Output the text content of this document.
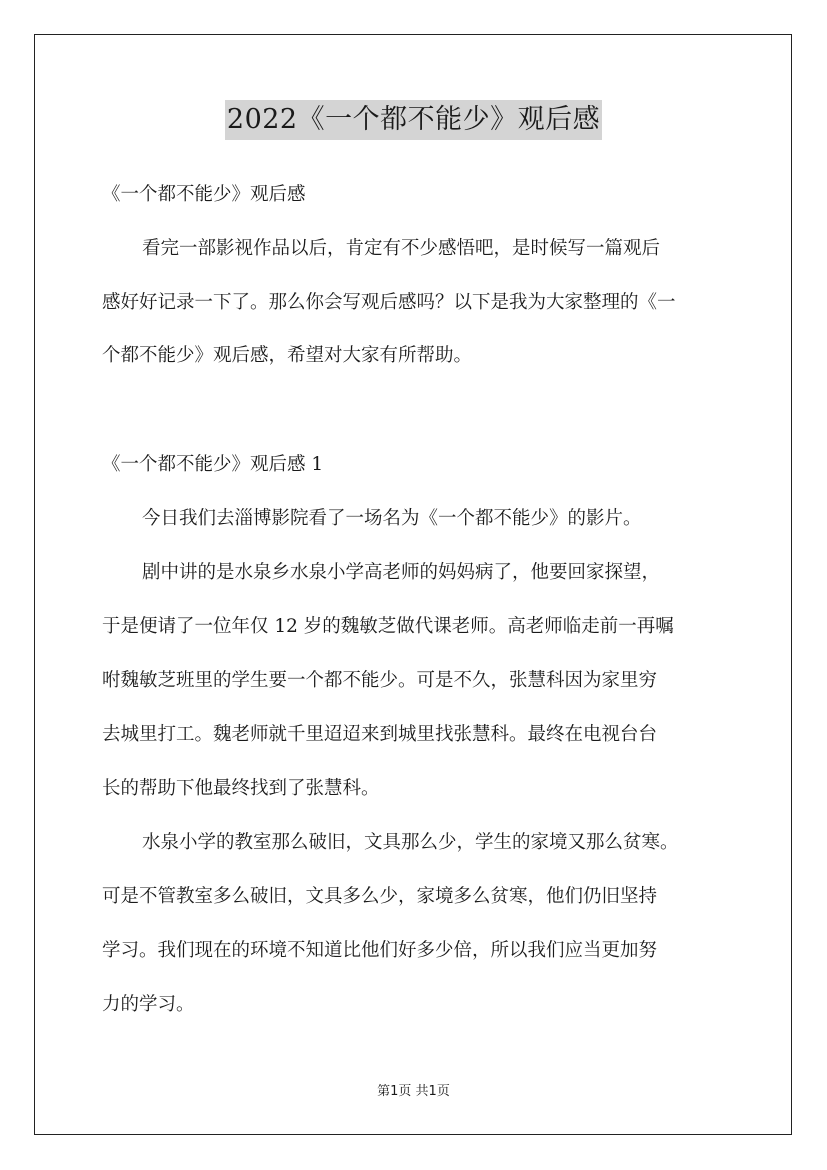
2022《一个都不能少》观后感
《一个都不能少》观后感
看完一部影视作品以后，肯定有不少感悟吧，是时候写一篇观后
感好好记录一下了。那么你会写观后感吗？以下是我为大家整理的《一
个都不能少》观后感，希望对大家有所帮助。
《一个都不能少》观后感 1
今日我们去淄博影院看了一场名为《一个都不能少》的影片。
剧中讲的是水泉乡水泉小学高老师的妈妈病了，他要回家探望，
于是便请了一位年仅 12 岁的魏敏芝做代课老师。高老师临走前一再嘱
咐魏敏芝班里的学生要一个都不能少。可是不久，张慧科因为家里穷
去城里打工。魏老师就千里迢迢来到城里找张慧科。最终在电视台台
长的帮助下他最终找到了张慧科。
水泉小学的教室那么破旧，文具那么少，学生的家境又那么贫寒。
可是不管教室多么破旧，文具多么少，家境多么贫寒，他们仍旧坚持
学习。我们现在的环境不知道比他们好多少倍，所以我们应当更加努
力的学习。
第1页 共1页
